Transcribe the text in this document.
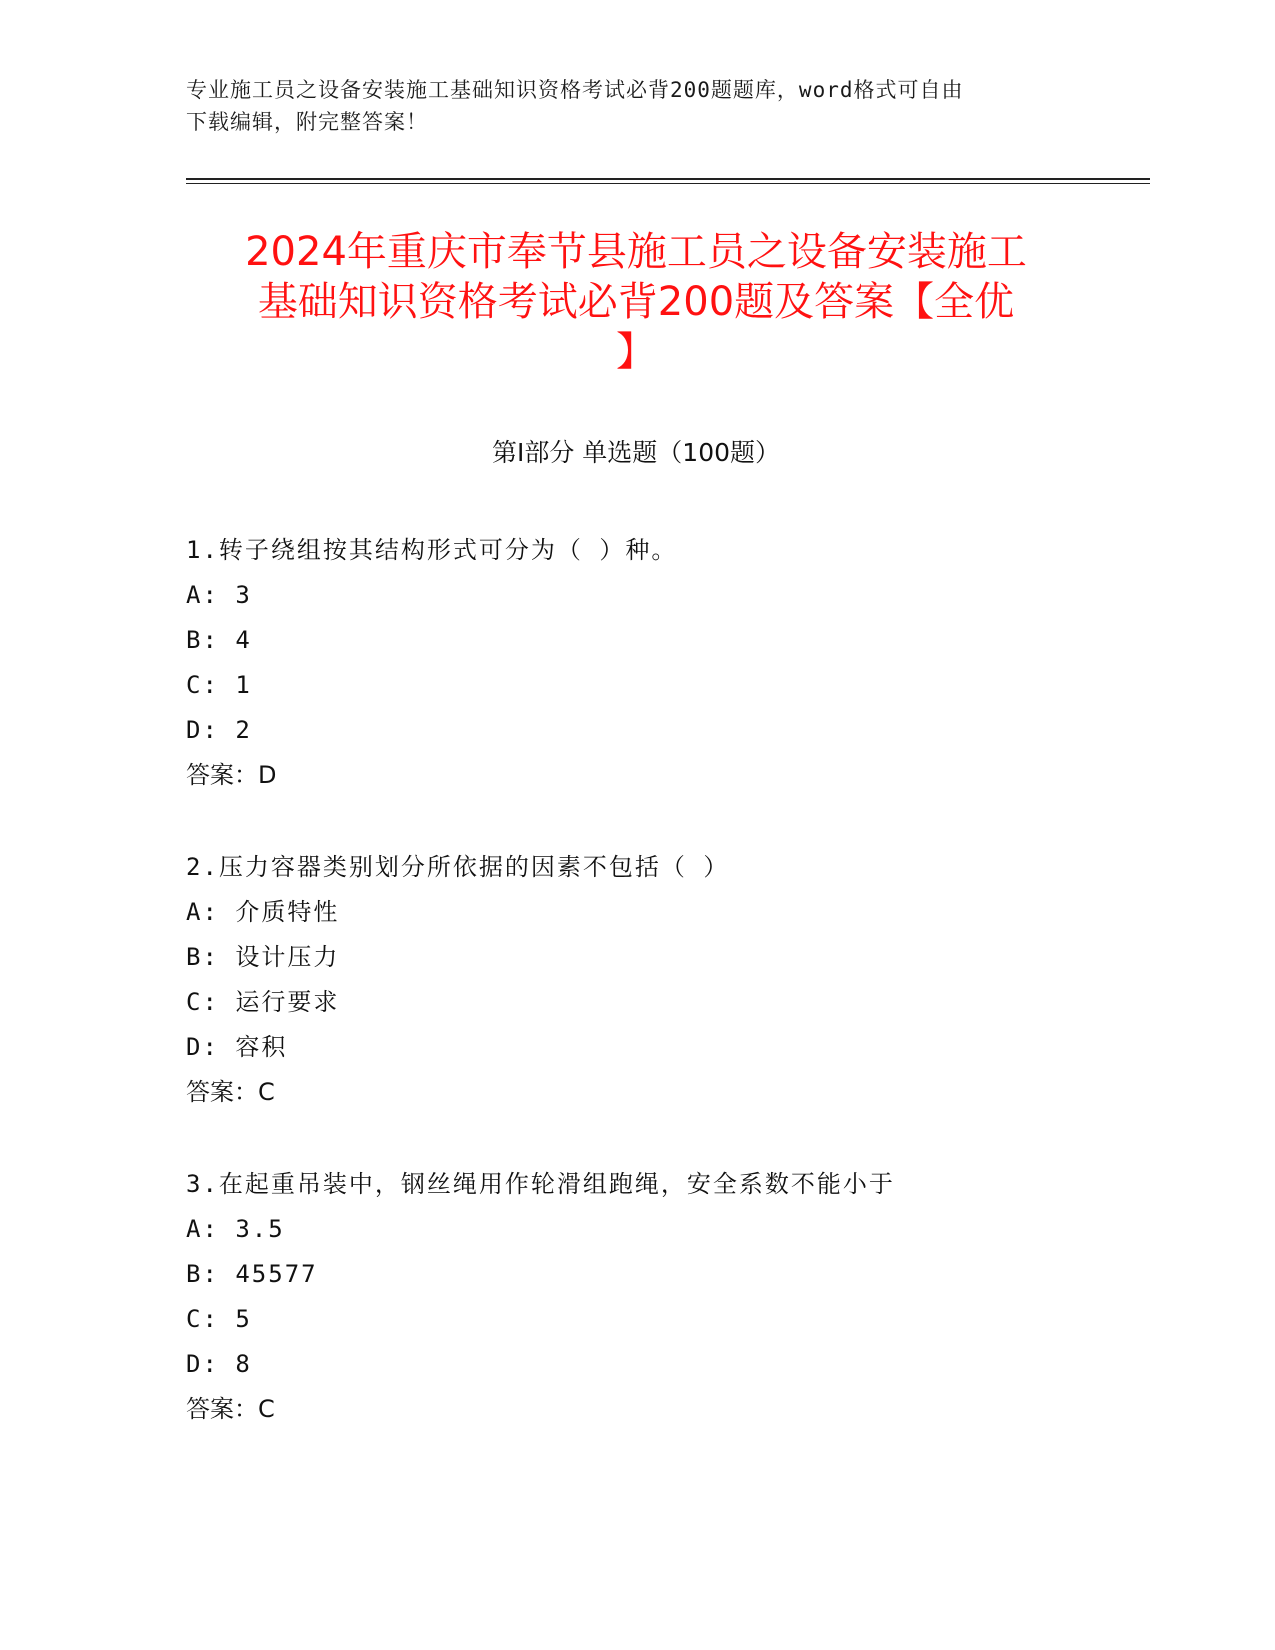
专业施工员之设备安装施工基础知识资格考试必背200题题库，word格式可自由
下载编辑，附完整答案！
2024年重庆市奉节县施工员之设备安装施工
基础知识资格考试必背200题及答案【全优
】
第Ⅰ部分 单选题（100题）
1.转子绕组按其结构形式可分为（ ）种。
A: 3
B: 4
C: 1
D: 2
答案：D
2.压力容器类别划分所依据的因素不包括（ ）
A: 介质特性
B: 设计压力
C: 运行要求
D: 容积
答案：C
3.在起重吊装中，钢丝绳用作轮滑组跑绳，安全系数不能小于
A: 3.5
B: 45577
C: 5
D: 8
答案：C
